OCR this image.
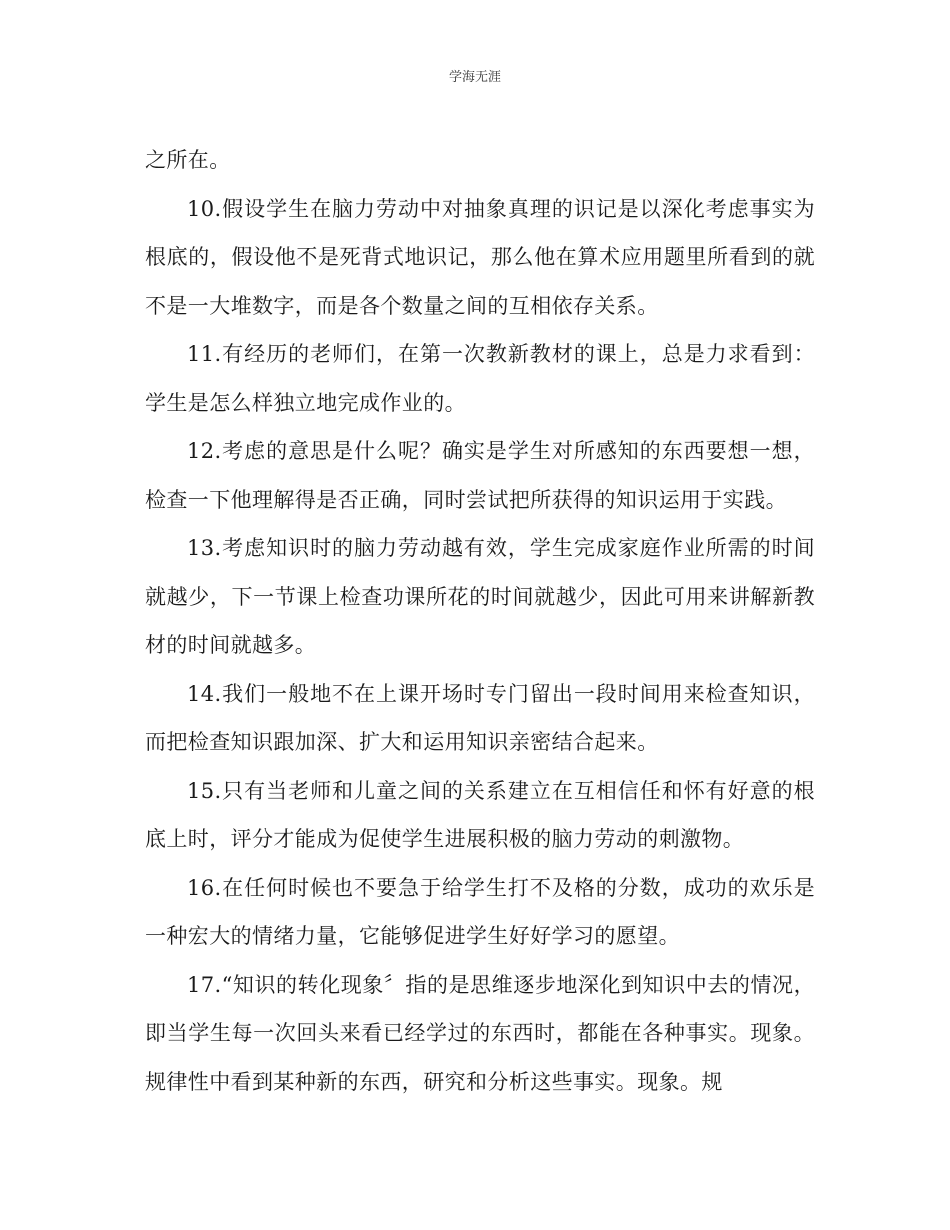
学海无涯

之所在。

10.假设学生在脑力劳动中对抽象真理的识记是以深化考虑事实为根底的，假设他不是死背式地识记，那么他在算术应用题里所看到的就不是一大堆数字，而是各个数量之间的互相依存关系。

11.有经历的老师们，在第一次教新教材的课上，总是力求看到：学生是怎么样独立地完成作业的。

12.考虑的意思是什么呢？确实是学生对所感知的东西要想一想，检查一下他理解得是否正确，同时尝试把所获得的知识运用于实践。

13.考虑知识时的脑力劳动越有效，学生完成家庭作业所需的时间就越少，下一节课上检查功课所花的时间就越少，因此可用来讲解新教材的时间就越多。

14.我们一般地不在上课开场时专门留出一段时间用来检查知识，而把检查知识跟加深、扩大和运用知识亲密结合起来。

15.只有当老师和儿童之间的关系建立在互相信任和怀有好意的根底上时，评分才能成为促使学生进展积极的脑力劳动的刺激物。

16.在任何时候也不要急于给学生打不及格的分数，成功的欢乐是一种宏大的情绪力量，它能够促进学生好好学习的愿望。

17.“知识的转化现象〞指的是思维逐步地深化到知识中去的情况，即当学生每一次回头来看已经学过的东西时，都能在各种事实。现象。规律性中看到某种新的东西，研究和分析这些事实。现象。规
